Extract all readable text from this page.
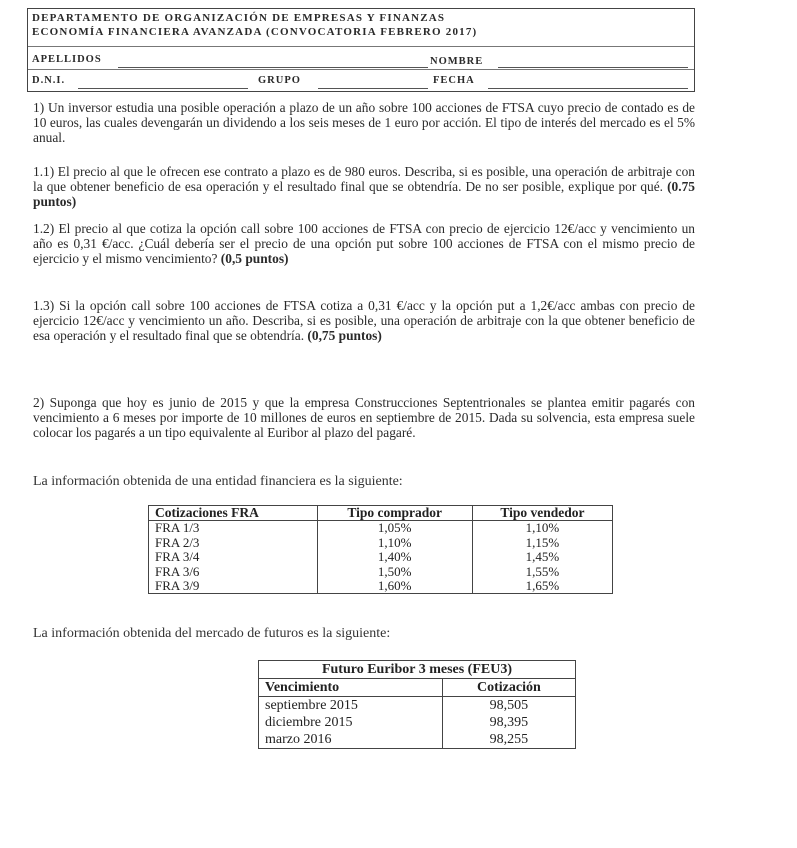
DEPARTAMENTO DE ORGANIZACIÓN DE EMPRESAS Y FINANZAS
ECONOMÍA FINANCIERA AVANZADA (CONVOCATORIA FEBRERO 2017)
APELLIDOS	NOMBRE
D.N.I.	GRUPO	FECHA
1) Un inversor estudia una posible operación a plazo de un año sobre 100 acciones de FTSA cuyo precio de contado es de 10 euros, las cuales devengarán un dividendo a los seis meses de 1 euro por acción. El tipo de interés del mercado es el 5% anual.
1.1) El precio al que le ofrecen ese contrato a plazo es de 980 euros. Describa, si es posible, una operación de arbitraje con la que obtener beneficio de esa operación y el resultado final que se obtendría. De no ser posible, explique por qué. (0.75 puntos)
1.2) El precio al que cotiza la opción call sobre 100 acciones de FTSA con precio de ejercicio 12€/acc y vencimiento un año es 0,31 €/acc. ¿Cuál debería ser el precio de una opción put sobre 100 acciones de FTSA con el mismo precio de ejercicio y el mismo vencimiento? (0,5 puntos)
1.3) Si la opción call sobre 100 acciones de FTSA cotiza a 0,31 €/acc y la opción put a 1,2€/acc ambas con precio de ejercicio 12€/acc y vencimiento un año. Describa, si es posible, una operación de arbitraje con la que obtener beneficio de esa operación y el resultado final que se obtendría. (0,75 puntos)
2) Suponga que hoy es junio de 2015 y que la empresa Construcciones Septentrionales se plantea emitir pagarés con vencimiento a 6 meses por importe de 10 millones de euros en septiembre de 2015. Dada su solvencia, esta empresa suele colocar los pagarés a un tipo equivalente al Euribor al plazo del pagaré.
La información obtenida de una entidad financiera es la siguiente:
Cotizaciones FRA	Tipo comprador	Tipo vendedor
FRA 1/3	1,05%	1,10%
FRA 2/3	1,10%	1,15%
FRA 3/4	1,40%	1,45%
FRA 3/6	1,50%	1,55%
FRA 3/9	1,60%	1,65%
La información obtenida del mercado de futuros es la siguiente:
Futuro Euribor 3 meses (FEU3)	
Vencimiento	Cotización
septiembre 2015	98,505
diciembre 2015	98,395
marzo 2016	98,255
